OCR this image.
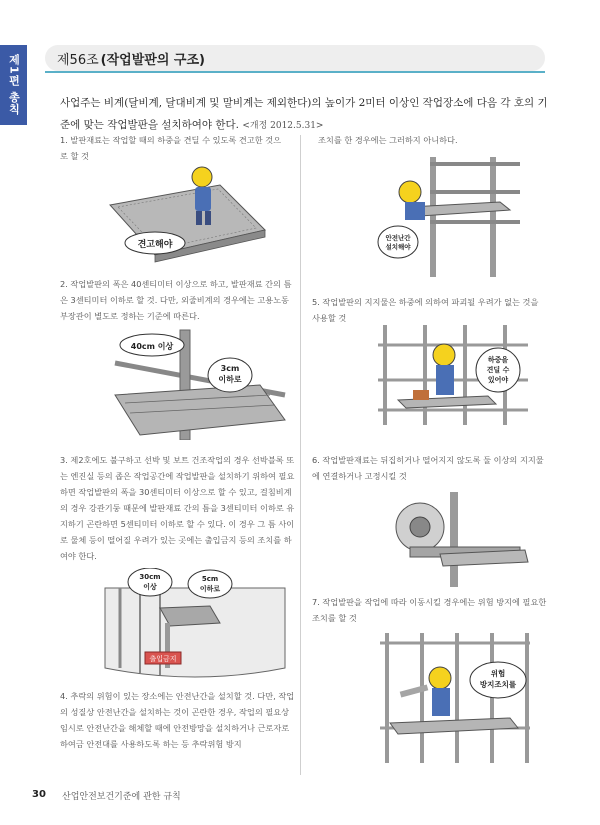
제1편 총칙	제56조 (작업발판의 구조)
사업주는 비계(달비계, 달대비계 및 말비계는 제외한다)의 높이가 2미터 이상인 작업장소에 다음 각 호의 기준에 맞는 작업발판을 설치하여야 한다. <개정 2012.5.31>
1. 발판재료는 작업할 때의 하중을 견딜 수 있도록 견고한 것으로 할 것
2. 작업발판의 폭은 40센티미터 이상으로 하고, 발판재료 간의 틈은 3센티미터 이하로 할 것. 다만, 외줄비계의 경우에는 고용노동부장관이 별도로 정하는 기준에 따른다.
3. 제2호에도 불구하고 선박 및 보트 건조작업의 경우 선박블록 또는 엔진실 등의 좁은 작업공간에 작업발판을 설치하기 위하여 필요하면 작업발판의 폭을 30센티미터 이상으로 할 수 있고, 걸침비계의 경우 강관기둥 때문에 발판재료 간의 틈을 3센티미터 이하로 유지하기 곤란하면 5센티미터 이하로 할 수 있다. 이 경우 그 틈 사이로 물체 등이 떨어질 우려가 있는 곳에는 출입금지 등의 조치를 하여야 한다.
4. 추락의 위험이 있는 장소에는 안전난간을 설치할 것. 다만, 작업의 성질상 안전난간을 설치하는 것이 곤란한 경우, 작업의 필요상 임시로 안전난간을 해체할 때에 안전방망을 설치하거나 근로자로 하여금 안전대를 사용하도록 하는 등 추락위험 방지
조치를 한 경우에는 그러하지 아니하다.
5. 작업발판의 지지물은 하중에 의하여 파괴될 우려가 없는 것을 사용할 것
6. 작업발판재료는 뒤집히거나 떨어지지 않도록 둘 이상의 지지물에 연결하거나 고정시킬 것
7. 작업발판을 작업에 따라 이동시킬 경우에는 위험 방지에 필요한 조치를 할 것
견고해야
40cm 이상
3cm
이하로
출입금지
30cm
이상
5cm
이하로
안전난간
설치해야
하중을
견딜 수
있어야
위험
방지조치를
30 산업안전보건기준에 관한 규칙
